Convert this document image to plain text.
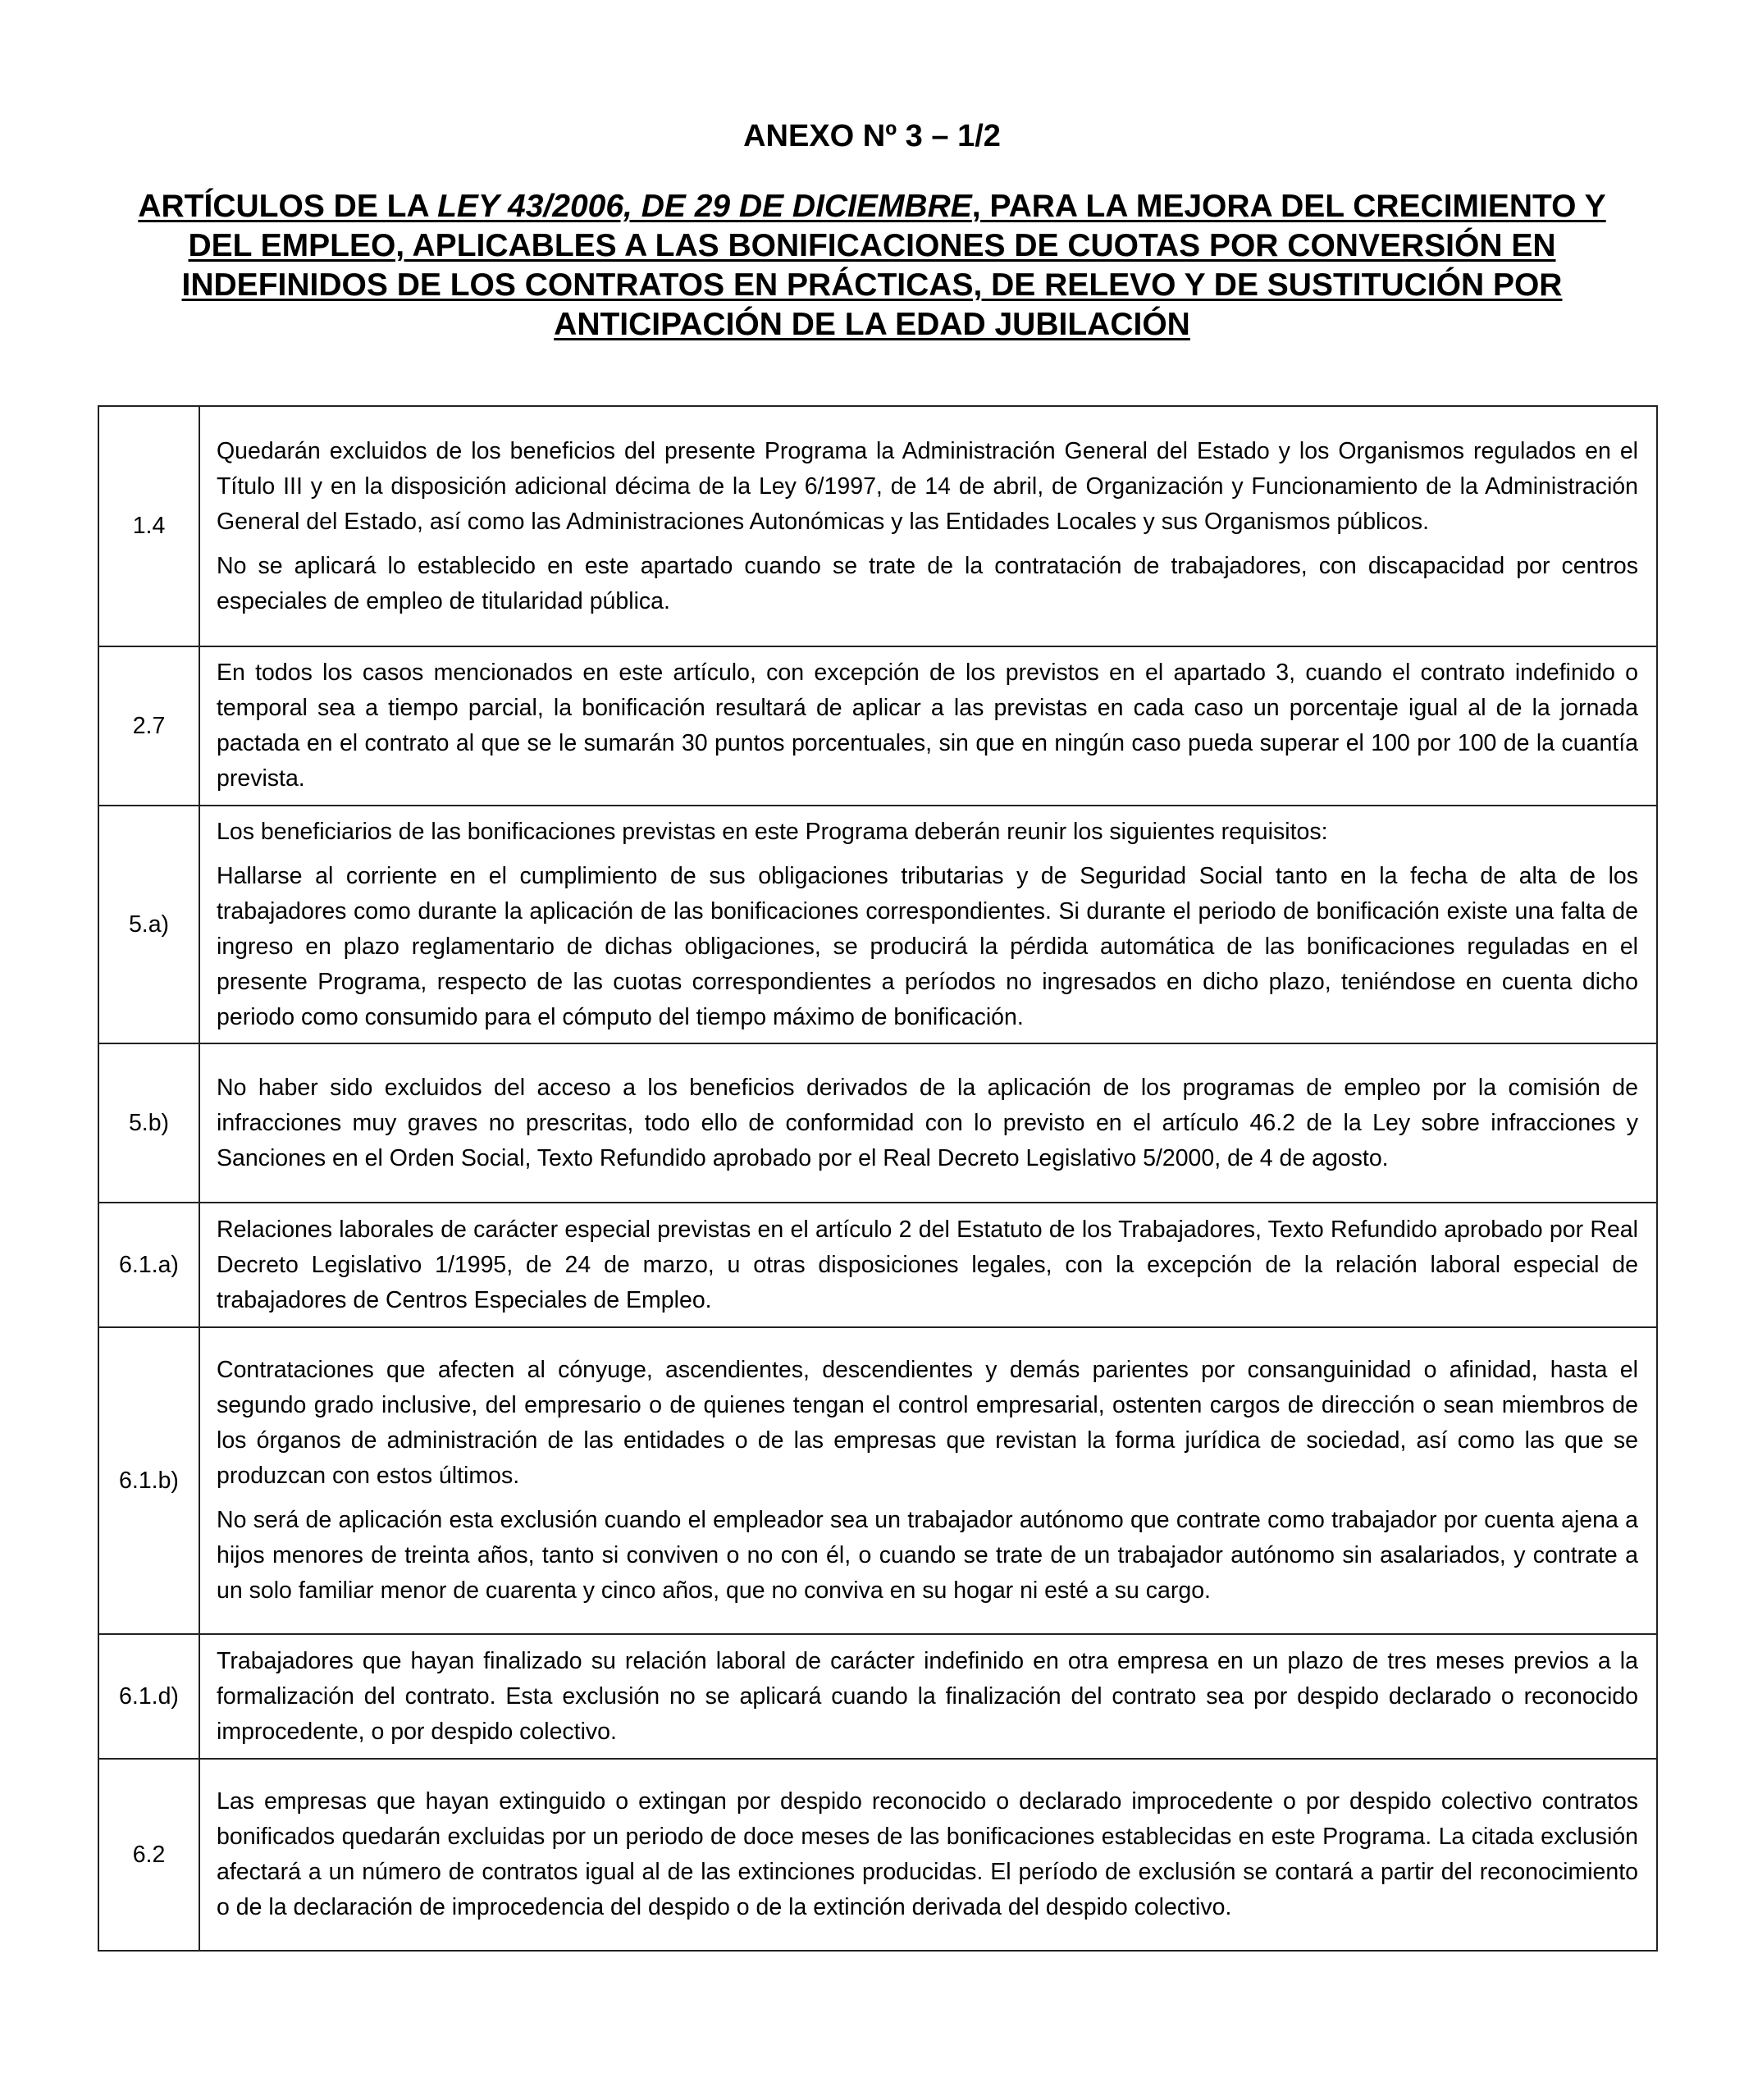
ANEXO Nº 3 – 1/2
ARTÍCULOS DE LA LEY 43/2006, DE 29 DE DICIEMBRE, PARA LA MEJORA DEL CRECIMIENTO Y DEL EMPLEO, APLICABLES A LAS BONIFICACIONES DE CUOTAS POR CONVERSIÓN EN INDEFINIDOS DE LOS CONTRATOS EN PRÁCTICAS, DE RELEVO Y DE SUSTITUCIÓN POR ANTICIPACIÓN DE LA EDAD JUBILACIÓN
1.4	Quedarán excluidos de los beneficios del presente Programa la Administración General del Estado y los Organismos regulados en el Título III y en la disposición adicional décima de la Ley 6/1997, de 14 de abril, de Organización y Funcionamiento de la Administración General del Estado, así como las Administraciones Autonómicas y las Entidades Locales y sus Organismos públicos.

No se aplicará lo establecido en este apartado cuando se trate de la contratación de trabajadores, con discapacidad por centros especiales de empleo de titularidad pública.

2.7	En todos los casos mencionados en este artículo, con excepción de los previstos en el apartado 3, cuando el contrato indefinido o temporal sea a tiempo parcial, la bonificación resultará de aplicar a las previstas en cada caso un porcentaje igual al de la jornada pactada en el contrato al que se le sumarán 30 puntos porcentuales, sin que en ningún caso pueda superar el 100 por 100 de la cuantía prevista.

5.a)	Los beneficiarios de las bonificaciones previstas en este Programa deberán reunir los siguientes requisitos:

Hallarse al corriente en el cumplimiento de sus obligaciones tributarias y de Seguridad Social tanto en la fecha de alta de los trabajadores como durante la aplicación de las bonificaciones correspondientes. Si durante el periodo de bonificación existe una falta de ingreso en plazo reglamentario de dichas obligaciones, se producirá la pérdida automática de las bonificaciones reguladas en el presente Programa, respecto de las cuotas correspondientes a períodos no ingresados en dicho plazo, teniéndose en cuenta dicho periodo como consumido para el cómputo del tiempo máximo de bonificación.

5.b)	No haber sido excluidos del acceso a los beneficios derivados de la aplicación de los programas de empleo por la comisión de infracciones muy graves no prescritas, todo ello de conformidad con lo previsto en el artículo 46.2 de la Ley sobre infracciones y Sanciones en el Orden Social, Texto Refundido aprobado por el Real Decreto Legislativo 5/2000, de 4 de agosto.

6.1.a)	Relaciones laborales de carácter especial previstas en el artículo 2 del Estatuto de los Trabajadores, Texto Refundido aprobado por Real Decreto Legislativo 1/1995, de 24 de marzo, u otras disposiciones legales, con la excepción de la relación laboral especial de trabajadores de Centros Especiales de Empleo.

6.1.b)	Contrataciones que afecten al cónyuge, ascendientes, descendientes y demás parientes por consanguinidad o afinidad, hasta el segundo grado inclusive, del empresario o de quienes tengan el control empresarial, ostenten cargos de dirección o sean miembros de los órganos de administración de las entidades o de las empresas que revistan la forma jurídica de sociedad, así como las que se produzcan con estos últimos.

No será de aplicación esta exclusión cuando el empleador sea un trabajador autónomo que contrate como trabajador por cuenta ajena a hijos menores de treinta años, tanto si conviven o no con él, o cuando se trate de un trabajador autónomo sin asalariados, y contrate a un solo familiar menor de cuarenta y cinco años, que no conviva en su hogar ni esté a su cargo.

6.1.d)	Trabajadores que hayan finalizado su relación laboral de carácter indefinido en otra empresa en un plazo de tres meses previos a la formalización del contrato. Esta exclusión no se aplicará cuando la finalización del contrato sea por despido declarado o reconocido improcedente, o por despido colectivo.

6.2	Las empresas que hayan extinguido o extingan por despido reconocido o declarado improcedente o por despido colectivo contratos bonificados quedarán excluidas por un periodo de doce meses de las bonificaciones establecidas en este Programa. La citada exclusión afectará a un número de contratos igual al de las extinciones producidas. El período de exclusión se contará a partir del reconocimiento o de la declaración de improcedencia del despido o de la extinción derivada del despido colectivo.
